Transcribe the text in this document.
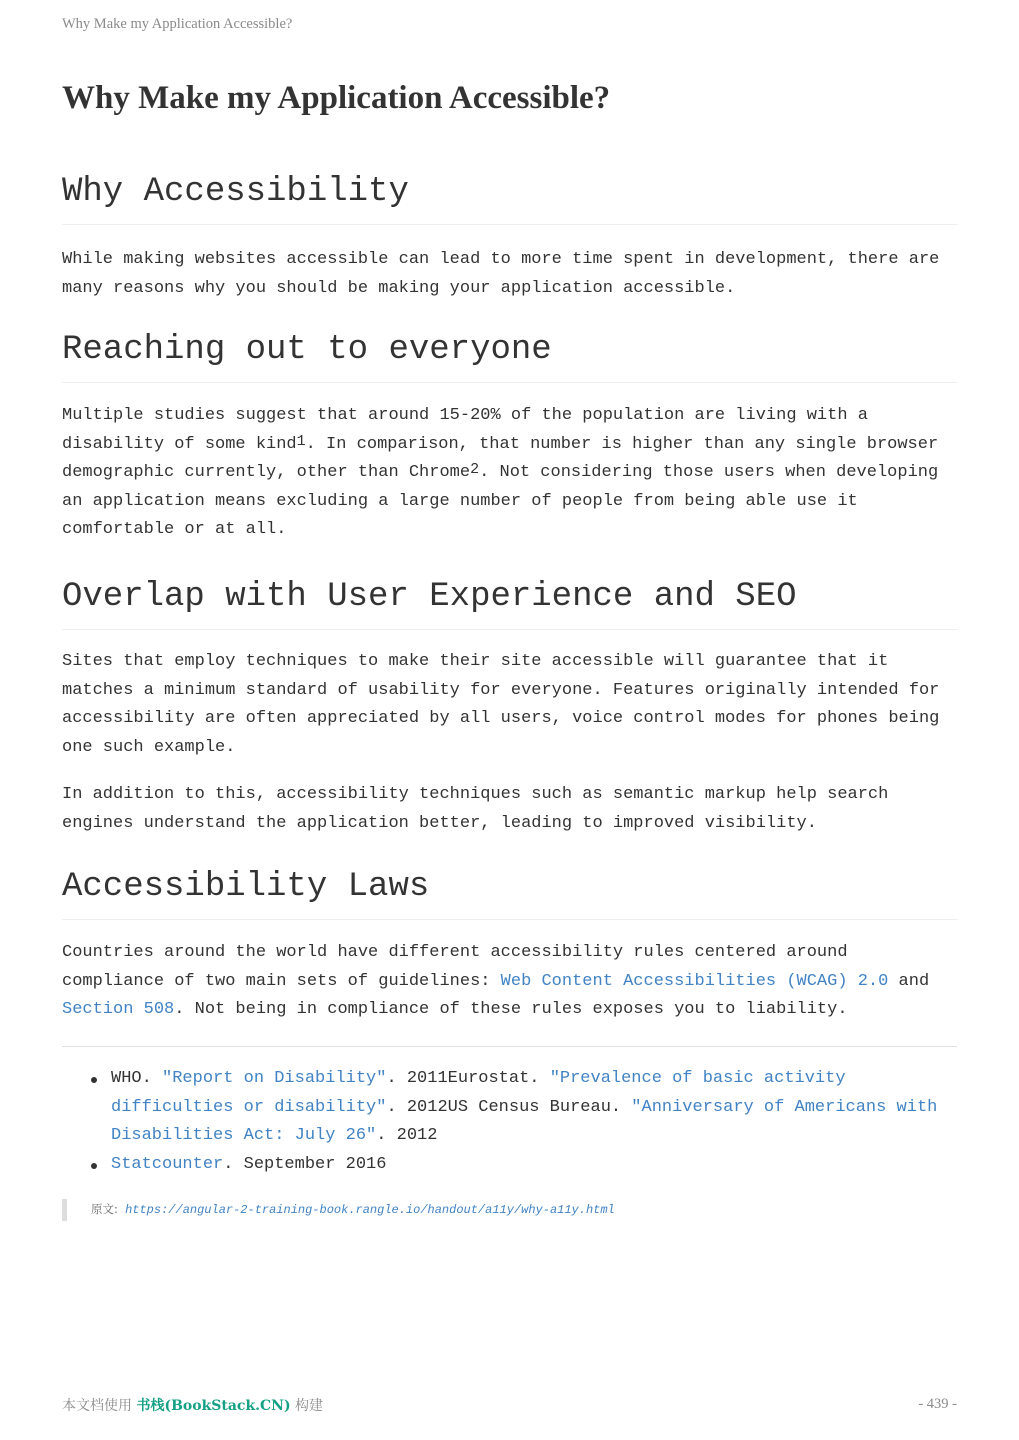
Why Make my Application Accessible?
Why Make my Application Accessible?
Why Accessibility

While making websites accessible can lead to more time spent in development, there are many reasons why you should be making your application accessible.

Reaching out to everyone

Multiple studies suggest that around 15-20% of the population are living with a disability of some kind$^1$. In comparison, that number is higher than any single browser demographic currently, other than Chrome$^2$. Not considering those users when developing an application means excluding a large number of people from being able use it comfortable or at all.

Overlap with User Experience and SEO

Sites that employ techniques to make their site accessible will guarantee that it matches a minimum standard of usability for everyone. Features originally intended for accessibility are often appreciated by all users, voice control modes for phones being one such example.

In addition to this, accessibility techniques such as semantic markup help search engines understand the application better, leading to improved visibility.

Accessibility Laws

Countries around the world have different accessibility rules centered around compliance of two main sets of guidelines: Web Content Accessibilities (WCAG) 2.0 and Section 508. Not being in compliance of these rules exposes you to liability.

WHO. "Report on Disability". 2011Eurostat. "Prevalence of basic activity difficulties or disability". 2012US Census Bureau. "Anniversary of Americans with Disabilities Act: July 26". 2012
Statcounter. September 2016
原文: https://angular-2-training-book.rangle.io/handout/a11y/why-a11y.html
本文档使用 书栈(BookStack.CN) 构建	- 439 -
